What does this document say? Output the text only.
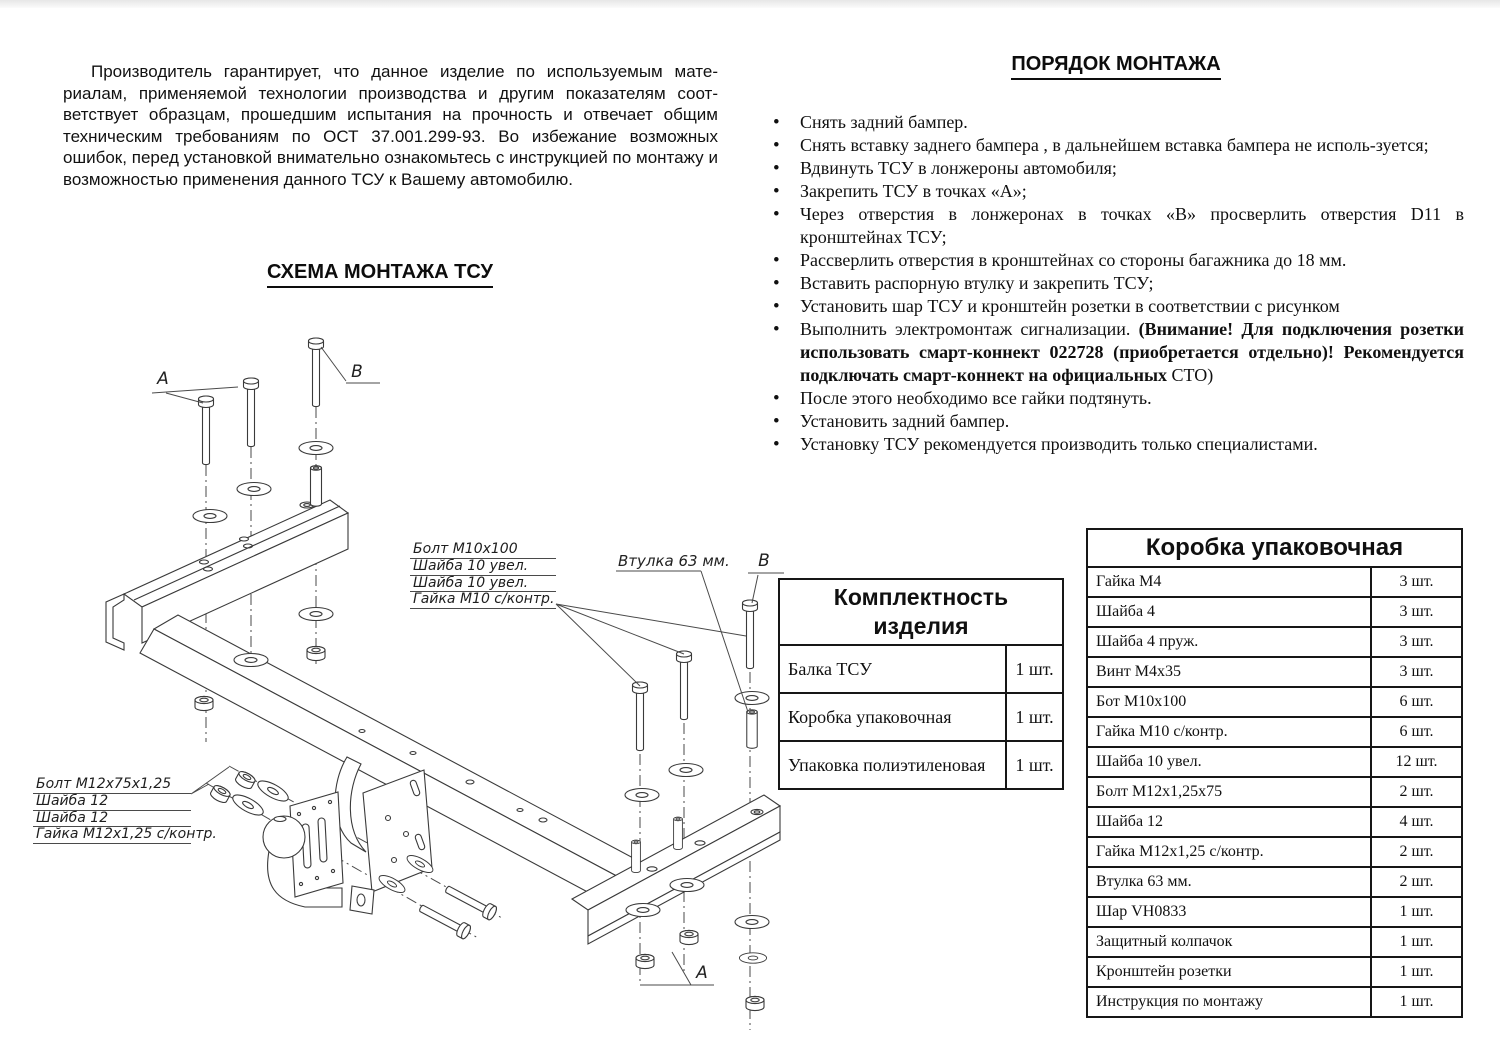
A	B
Втулка 63 мм. B
A

Производитель гарантирует, что данное изделие по используемым мате-риалам, применяемой технологии производства и другим показателям соот-ветствует образцам, прошедшим испытания на прочность и отвечает общим техническим требованиям по ОСТ 37.001.299-93. Во избежание возможных ошибок, перед установкой внимательно ознакомьтесь с инструкцией по монтажу и возможностью применения данного ТСУ к Вашему автомобилю.

ПОРЯДОК МОНТАЖА
• Снять задний бампер.
• Снять вставку заднего бампера , в дальнейшем вставка бампера не исполь-зуется;
• Вдвинуть ТСУ в лонжероны автомобиля;
• Закрепить ТСУ в точках «А»;
• Через отверстия в лонжеронах в точках «В» просверлить отверстия D11 в кронштейнах ТСУ;
• Рассверлить отверстия в кронштейнах со стороны багажника до 18 мм.
• Вставить распорную втулку и закрепить ТСУ;
• Установить шар ТСУ и кронштейн розетки в соответствии с рисунком
• Выполнить электромонтаж сигнализации. (Внимание! Для подключения розетки использовать смарт-коннект 022728 (приобретается отдельно)! Рекомендуется подключать смарт-коннект на официальных СТО)
• После этого необходимо все гайки подтянуть.
• Установить задний бампер.
• Установку ТСУ рекомендуется производить только специалистами.
СХЕМА МОНТАЖА ТСУ
Болт М10х100
Шайба 10 увел.
Шайба 10 увел.
Гайка М10 с/контр.
Болт М12х75х1,25
Шайба 12
Шайба 12
Гайка М12х1,25 с/контр.
Комплектность
изделия	

Балка ТСУ	1 шт.
Коробка упаковочная	1 шт.
Упаковка полиэтиленовая	1 шт.
Коробка упаковочная	
Гайка М4	3 шт.
Шайба 4	3 шт.
Шайба 4 пруж.	3 шт.
Винт М4х35	3 шт.
Бот М10х100	6 шт.
Гайка М10 с/контр.	6 шт.
Шайба 10 увел.	12 шт.
Болт М12х1,25х75	2 шт.
Шайба 12	4 шт.
Гайка М12х1,25 с/контр.	2 шт.
Втулка 63 мм.	2 шт.
Шар VH0833	1 шт.
Защитный колпачок	1 шт.
Кронштейн розетки	1 шт.
Инструкция по монтажу	1 шт.
